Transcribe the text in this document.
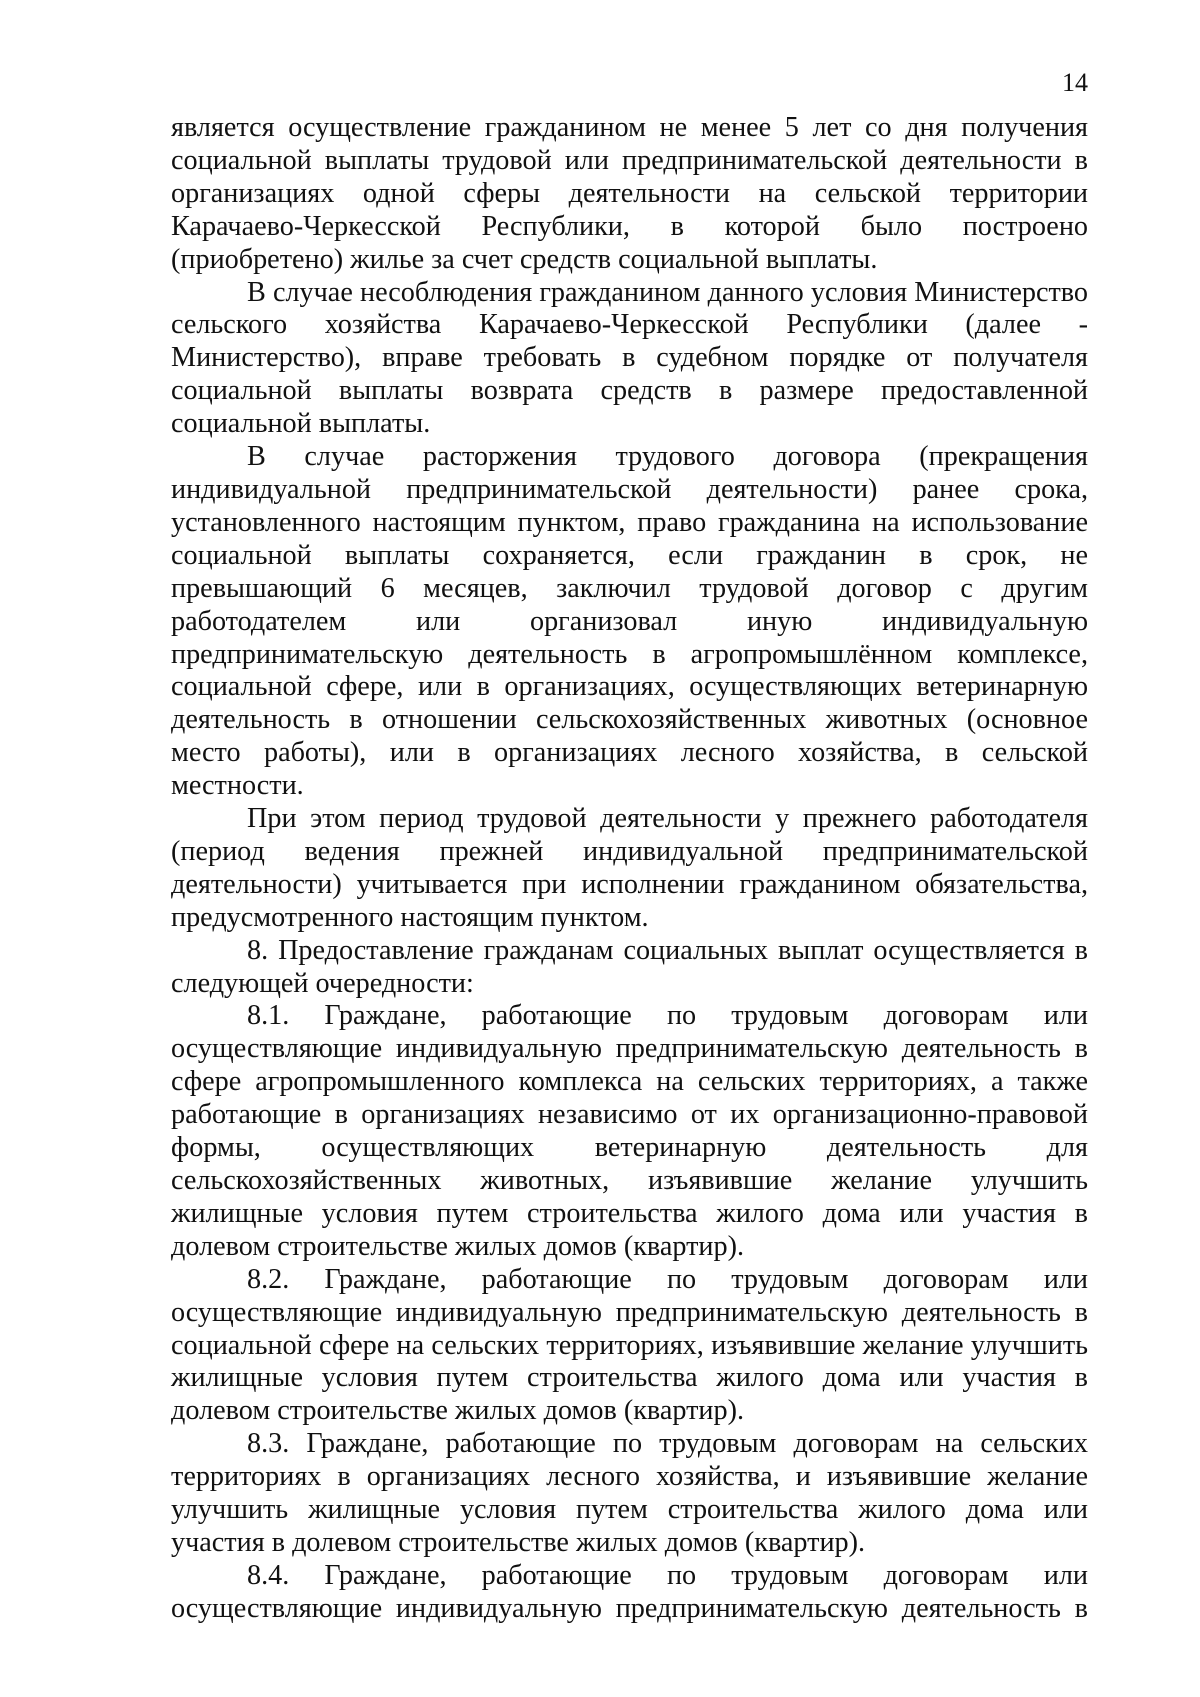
14

является осуществление гражданином не менее 5 лет со дня получения социальной выплаты трудовой или предпринимательской деятельности в организациях одной сферы деятельности на сельской территории Карачаево-Черкесской Республики, в которой было построено (приобретено) жилье за счет средств социальной выплаты.

В случае несоблюдения гражданином данного условия Министерство сельского хозяйства Карачаево-Черкесской Республики (далее - Министерство), вправе требовать в судебном порядке от получателя социальной выплаты возврата средств в размере предоставленной социальной выплаты.

В случае расторжения трудового договора (прекращения индивидуальной предпринимательской деятельности) ранее срока, установленного настоящим пунктом, право гражданина на использование социальной выплаты сохраняется, если гражданин в срок, не превышающий 6 месяцев, заключил трудовой договор с другим работодателем или организовал иную индивидуальную предпринимательскую деятельность в агропромышлённом комплексе, социальной сфере, или в организациях, осуществляющих ветеринарную деятельность в отношении сельскохозяйственных животных (основное место работы), или в организациях лесного хозяйства, в сельской местности.

При этом период трудовой деятельности у прежнего работодателя (период ведения прежней индивидуальной предпринимательской деятельности) учитывается при исполнении гражданином обязательства, предусмотренного настоящим пунктом.

8. Предоставление гражданам социальных выплат осуществляется в следующей очередности:

8.1. Граждане, работающие по трудовым договорам или осуществляющие индивидуальную предпринимательскую деятельность в сфере агропромышленного комплекса на сельских территориях, а также работающие в организациях независимо от их организационно-правовой формы, осуществляющих ветеринарную деятельность для сельскохозяйственных животных, изъявившие желание улучшить жилищные условия путем строительства жилого дома или участия в долевом строительстве жилых домов (квартир).

8.2. Граждане, работающие по трудовым договорам или осуществляющие индивидуальную предпринимательскую деятельность в социальной сфере на сельских территориях, изъявившие желание улучшить жилищные условия путем строительства жилого дома или участия в долевом строительстве жилых домов (квартир).

8.3. Граждане, работающие по трудовым договорам на сельских территориях в организациях лесного хозяйства, и изъявившие желание улучшить жилищные условия путем строительства жилого дома или участия в долевом строительстве жилых домов (квартир).

8.4. Граждане, работающие по трудовым договорам или осуществляющие индивидуальную предпринимательскую деятельность в
